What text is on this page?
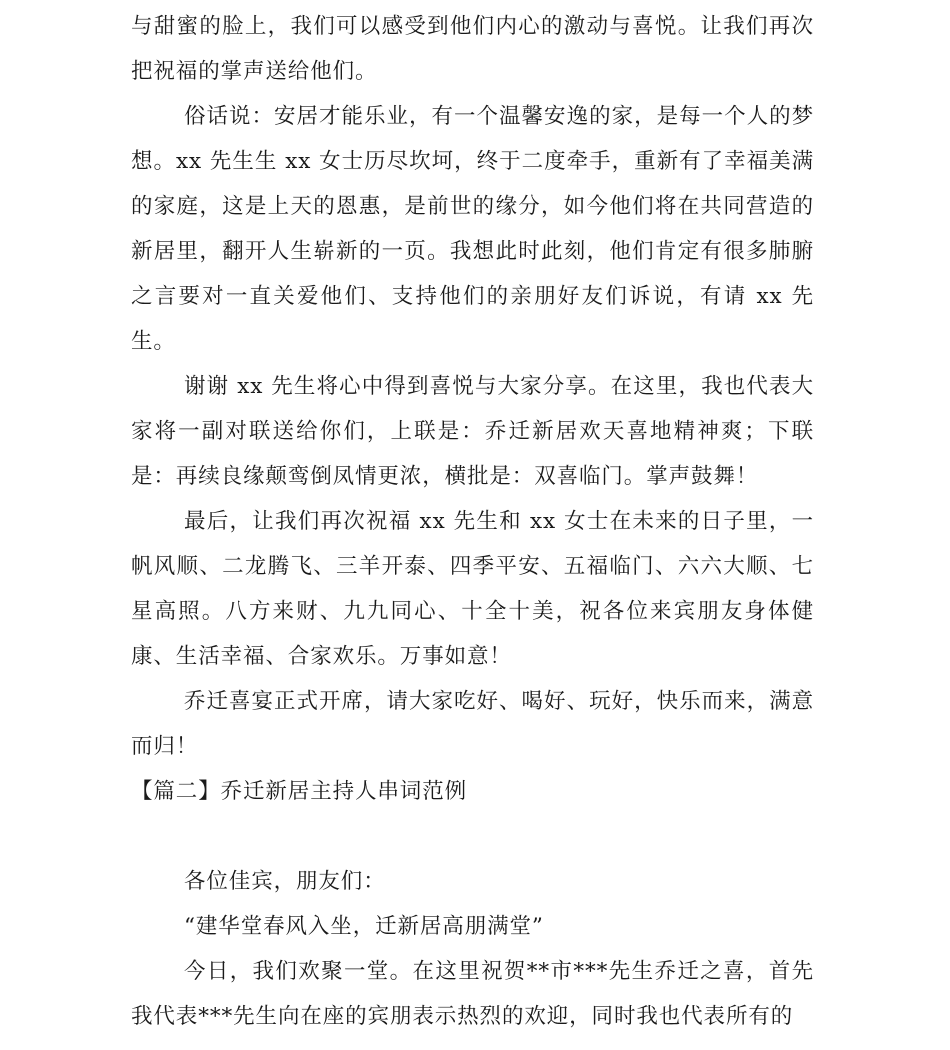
与甜蜜的脸上，我们可以感受到他们内心的激动与喜悦。让我们再次把祝福的掌声送给他们。

俗话说：安居才能乐业，有一个温馨安逸的家，是每一个人的梦想。xx 先生生 xx 女士历尽坎坷，终于二度牵手，重新有了幸福美满的家庭，这是上天的恩惠，是前世的缘分，如今他们将在共同营造的新居里，翻开人生崭新的一页。我想此时此刻，他们肯定有很多肺腑之言要对一直关爱他们、支持他们的亲朋好友们诉说，有请 xx 先生。

谢谢 xx 先生将心中得到喜悦与大家分享。在这里，我也代表大家将一副对联送给你们，上联是：乔迁新居欢天喜地精神爽；下联是：再续良缘颠鸾倒凤情更浓，横批是：双喜临门。掌声鼓舞！

最后，让我们再次祝福 xx 先生和 xx 女士在未来的日子里，一帆风顺、二龙腾飞、三羊开泰、四季平安、五福临门、六六大顺、七星高照。八方来财、九九同心、十全十美，祝各位来宾朋友身体健康、生活幸福、合家欢乐。万事如意！

乔迁喜宴正式开席，请大家吃好、喝好、玩好，快乐而来，满意而归！

【篇二】乔迁新居主持人串词范例

各位佳宾，朋友们：

“建华堂春风入坐，迁新居高朋满堂”

今日，我们欢聚一堂。在这里祝贺**市***先生乔迁之喜，首先我代表***先生向在座的宾朋表示热烈的欢迎，同时我也代表所有的
